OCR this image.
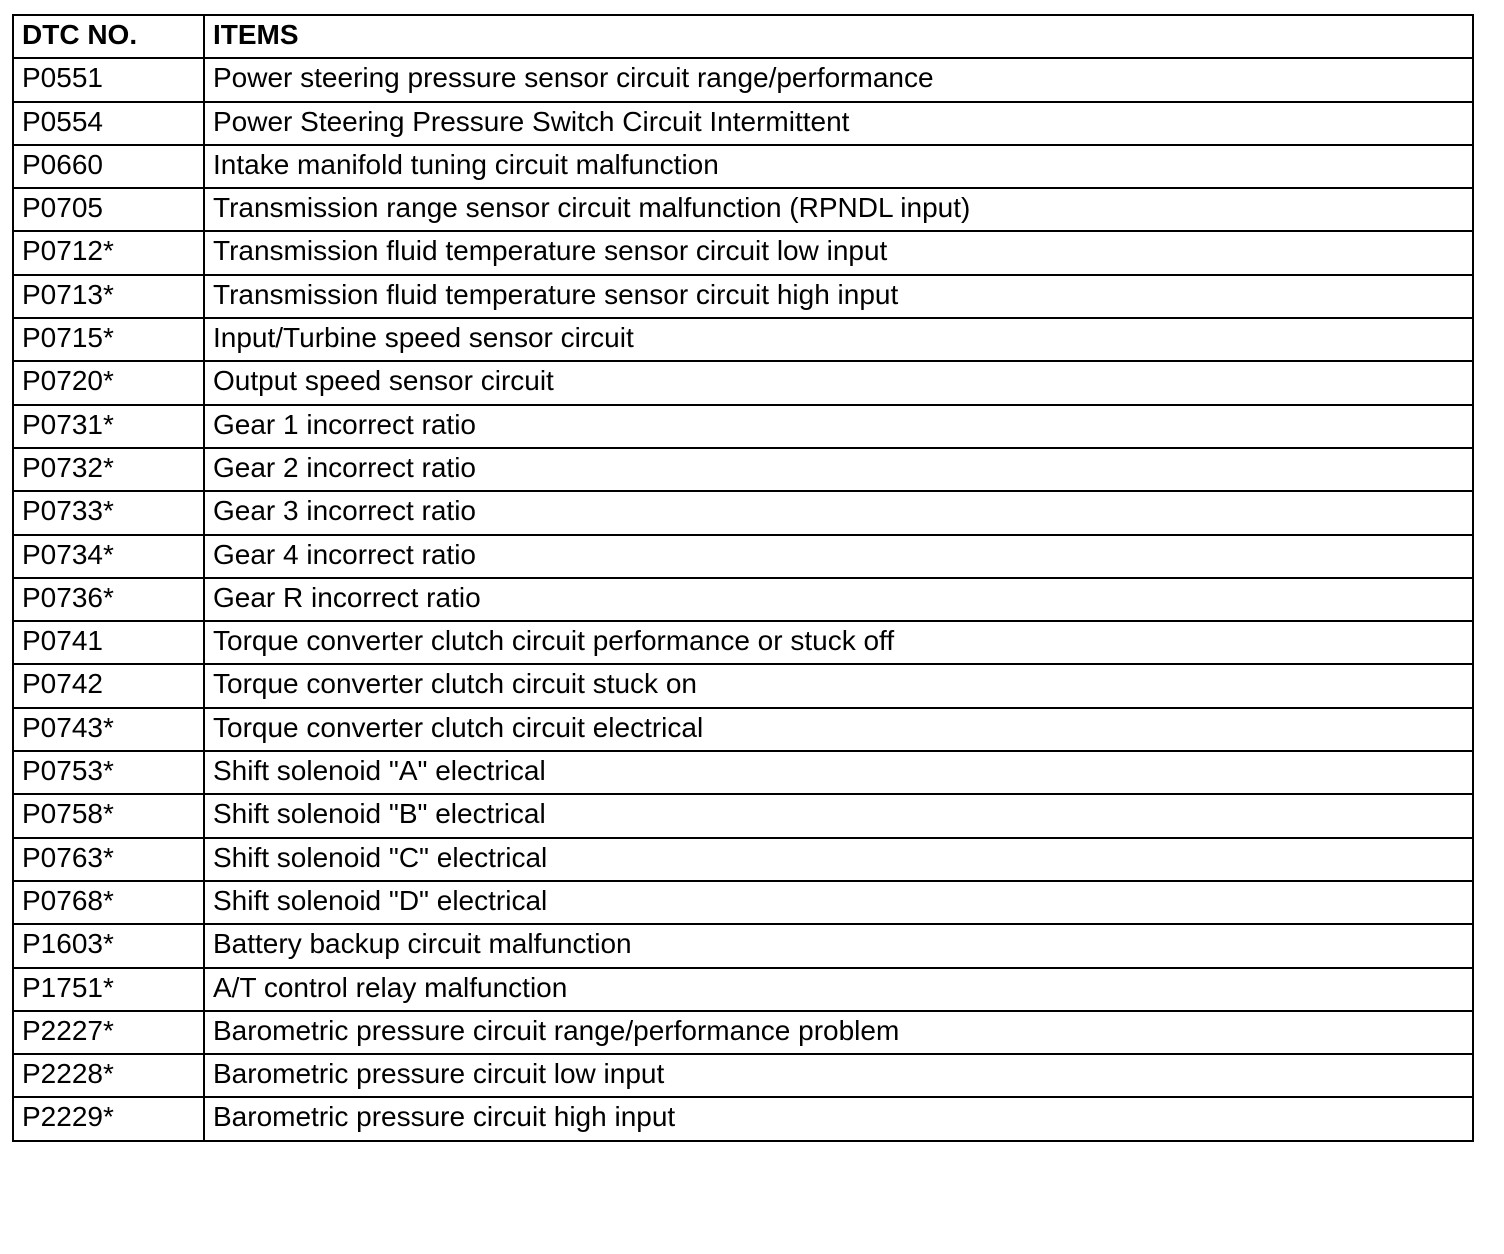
DTC NO.	ITEMS
P0551	Power steering pressure sensor circuit range/performance
P0554	Power Steering Pressure Switch Circuit Intermittent
P0660	Intake manifold tuning circuit malfunction
P0705	Transmission range sensor circuit malfunction (RPNDL input)
P0712*	Transmission fluid temperature sensor circuit low input
P0713*	Transmission fluid temperature sensor circuit high input
P0715*	Input/Turbine speed sensor circuit
P0720*	Output speed sensor circuit
P0731*	Gear 1 incorrect ratio
P0732*	Gear 2 incorrect ratio
P0733*	Gear 3 incorrect ratio
P0734*	Gear 4 incorrect ratio
P0736*	Gear R incorrect ratio
P0741	Torque converter clutch circuit performance or stuck off
P0742	Torque converter clutch circuit stuck on
P0743*	Torque converter clutch circuit electrical
P0753*	Shift solenoid "A" electrical
P0758*	Shift solenoid "B" electrical
P0763*	Shift solenoid "C" electrical
P0768*	Shift solenoid "D" electrical
P1603*	Battery backup circuit malfunction
P1751*	A/T control relay malfunction
P2227*	Barometric pressure circuit range/performance problem
P2228*	Barometric pressure circuit low input
P2229*	Barometric pressure circuit high input
